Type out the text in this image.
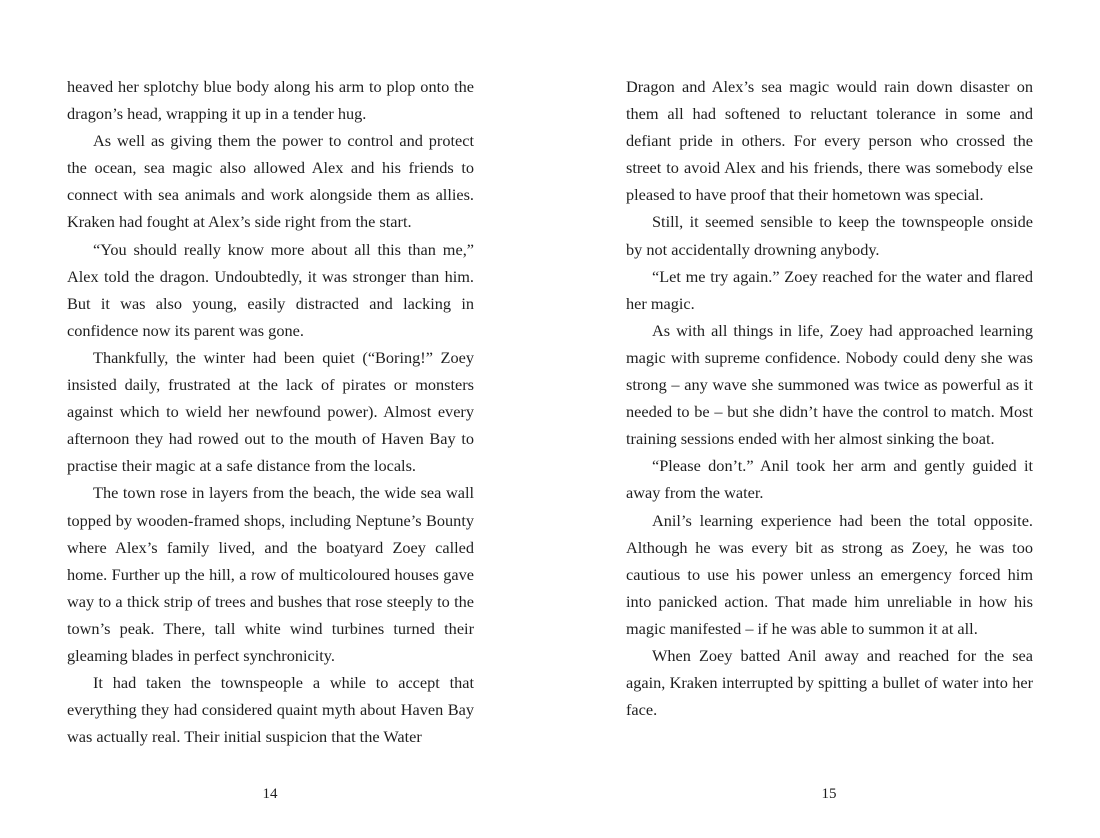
heaved her splotchy blue body along his arm to plop onto the dragon’s head, wrapping it up in a tender hug.

As well as giving them the power to control and protect the ocean, sea magic also allowed Alex and his friends to connect with sea animals and work alongside them as allies. Kraken had fought at Alex’s side right from the start.

“You should really know more about all this than me,” Alex told the dragon. Undoubtedly, it was stronger than him. But it was also young, easily distracted and lacking in confidence now its parent was gone.

Thankfully, the winter had been quiet (“Boring!” Zoey insisted daily, frustrated at the lack of pirates or monsters against which to wield her newfound power). Almost every afternoon they had rowed out to the mouth of Haven Bay to practise their magic at a safe distance from the locals.

The town rose in layers from the beach, the wide sea wall topped by wooden-framed shops, including Neptune’s Bounty where Alex’s family lived, and the boatyard Zoey called home. Further up the hill, a row of multicoloured houses gave way to a thick strip of trees and bushes that rose steeply to the town’s peak. There, tall white wind turbines turned their gleaming blades in perfect synchronicity.

It had taken the townspeople a while to accept that everything they had considered quaint myth about Haven Bay was actually real. Their initial suspicion that the Water

14

Dragon and Alex’s sea magic would rain down disaster on them all had softened to reluctant tolerance in some and defiant pride in others. For every person who crossed the street to avoid Alex and his friends, there was somebody else pleased to have proof that their hometown was special.

Still, it seemed sensible to keep the townspeople onside by not accidentally drowning anybody.

“Let me try again.” Zoey reached for the water and flared her magic.

As with all things in life, Zoey had approached learning magic with supreme confidence. Nobody could deny she was strong – any wave she summoned was twice as powerful as it needed to be – but she didn’t have the control to match. Most training sessions ended with her almost sinking the boat.

“Please don’t.” Anil took her arm and gently guided it away from the water.

Anil’s learning experience had been the total opposite. Although he was every bit as strong as Zoey, he was too cautious to use his power unless an emergency forced him into panicked action. That made him unreliable in how his magic manifested – if he was able to summon it at all.

When Zoey batted Anil away and reached for the sea again, Kraken interrupted by spitting a bullet of water into her face.

15
